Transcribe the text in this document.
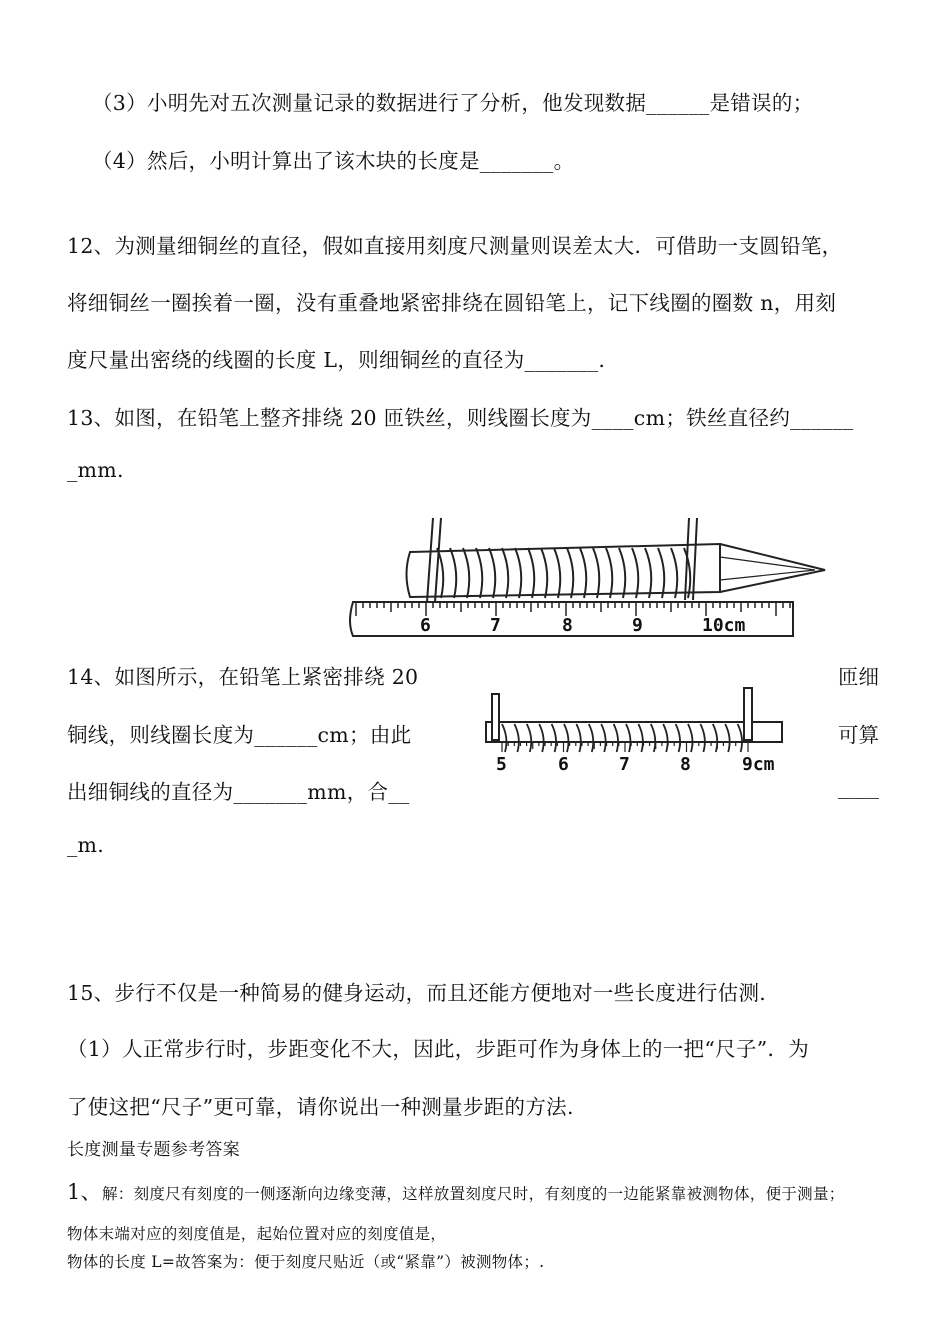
（3）小明先对五次测量记录的数据进行了分析，他发现数据______是错误的；
（4）然后，小明计算出了该木块的长度是_______。
12、为测量细铜丝的直径，假如直接用刻度尺测量则误差太大．可借助一支圆铅笔，
将细铜丝一圈挨着一圈，没有重叠地紧密排绕在圆铅笔上，记下线圈的圈数 n，用刻
度尺量出密绕的线圈的长度 L，则细铜丝的直径为_______.
13、如图，在铅笔上整齐排绕 20 匝铁丝，则线圈长度为____cm；铁丝直径约______
_mm.
6	7	8	9	10cm
14、如图所示，在铅笔上紧密排绕 20	匝细
铜线，则线圈长度为______cm；由此	可算
出细铜线的直径为_______mm，合__	____
_m.
5	6	7	8	9cm
15、步行不仅是一种简易的健身运动，而且还能方便地对一些长度进行估测.
（1）人正常步行时，步距变化不大，因此，步距可作为身体上的一把“尺子”．为
了使这把“尺子”更可靠，请你说出一种测量步距的方法.
长度测量专题参考答案
1、解：刻度尺有刻度的一侧逐渐向边缘变薄，这样放置刻度尺时，有刻度的一边能紧靠被测物体，便于测量；
物体末端对应的刻度值是，起始位置对应的刻度值是，
物体的长度 L=故答案为：便于刻度尺贴近（或“紧靠”）被测物体；.
